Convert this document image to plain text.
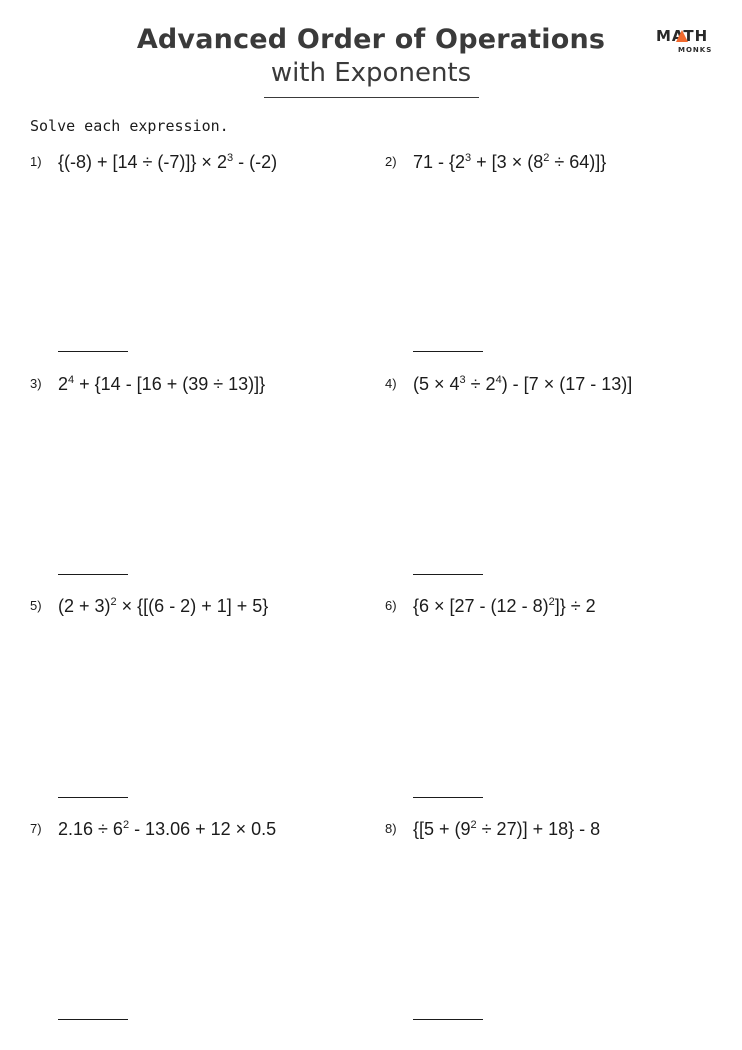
Advanced Order of Operations
with Exponents
MATH
MONKS
Solve each expression.
1) $\{(-8) + [14 \div (-7)]\} \times 2^3 - (-2)$	2) $71 - \{2^3 + [3 \times (8^2 \div 64)]\}$
3) $2^4 + \{14 - [16 + (39 \div 13)]\}$	4) $(5 \times 4^3 \div 2^4) - [7 \times (17 - 13)]$
5) $(2 + 3)^2 \times \{[(6 - 2) + 1] + 5\}$	6) {6 × [27 - (12 - 8)$^2$]} ÷ 2
7) $2.16 \div 6^2 - 13.06 + 12 \times 0.5$	8) $\{[5 + (9^2 \div 27)] + 18\} - 8$
